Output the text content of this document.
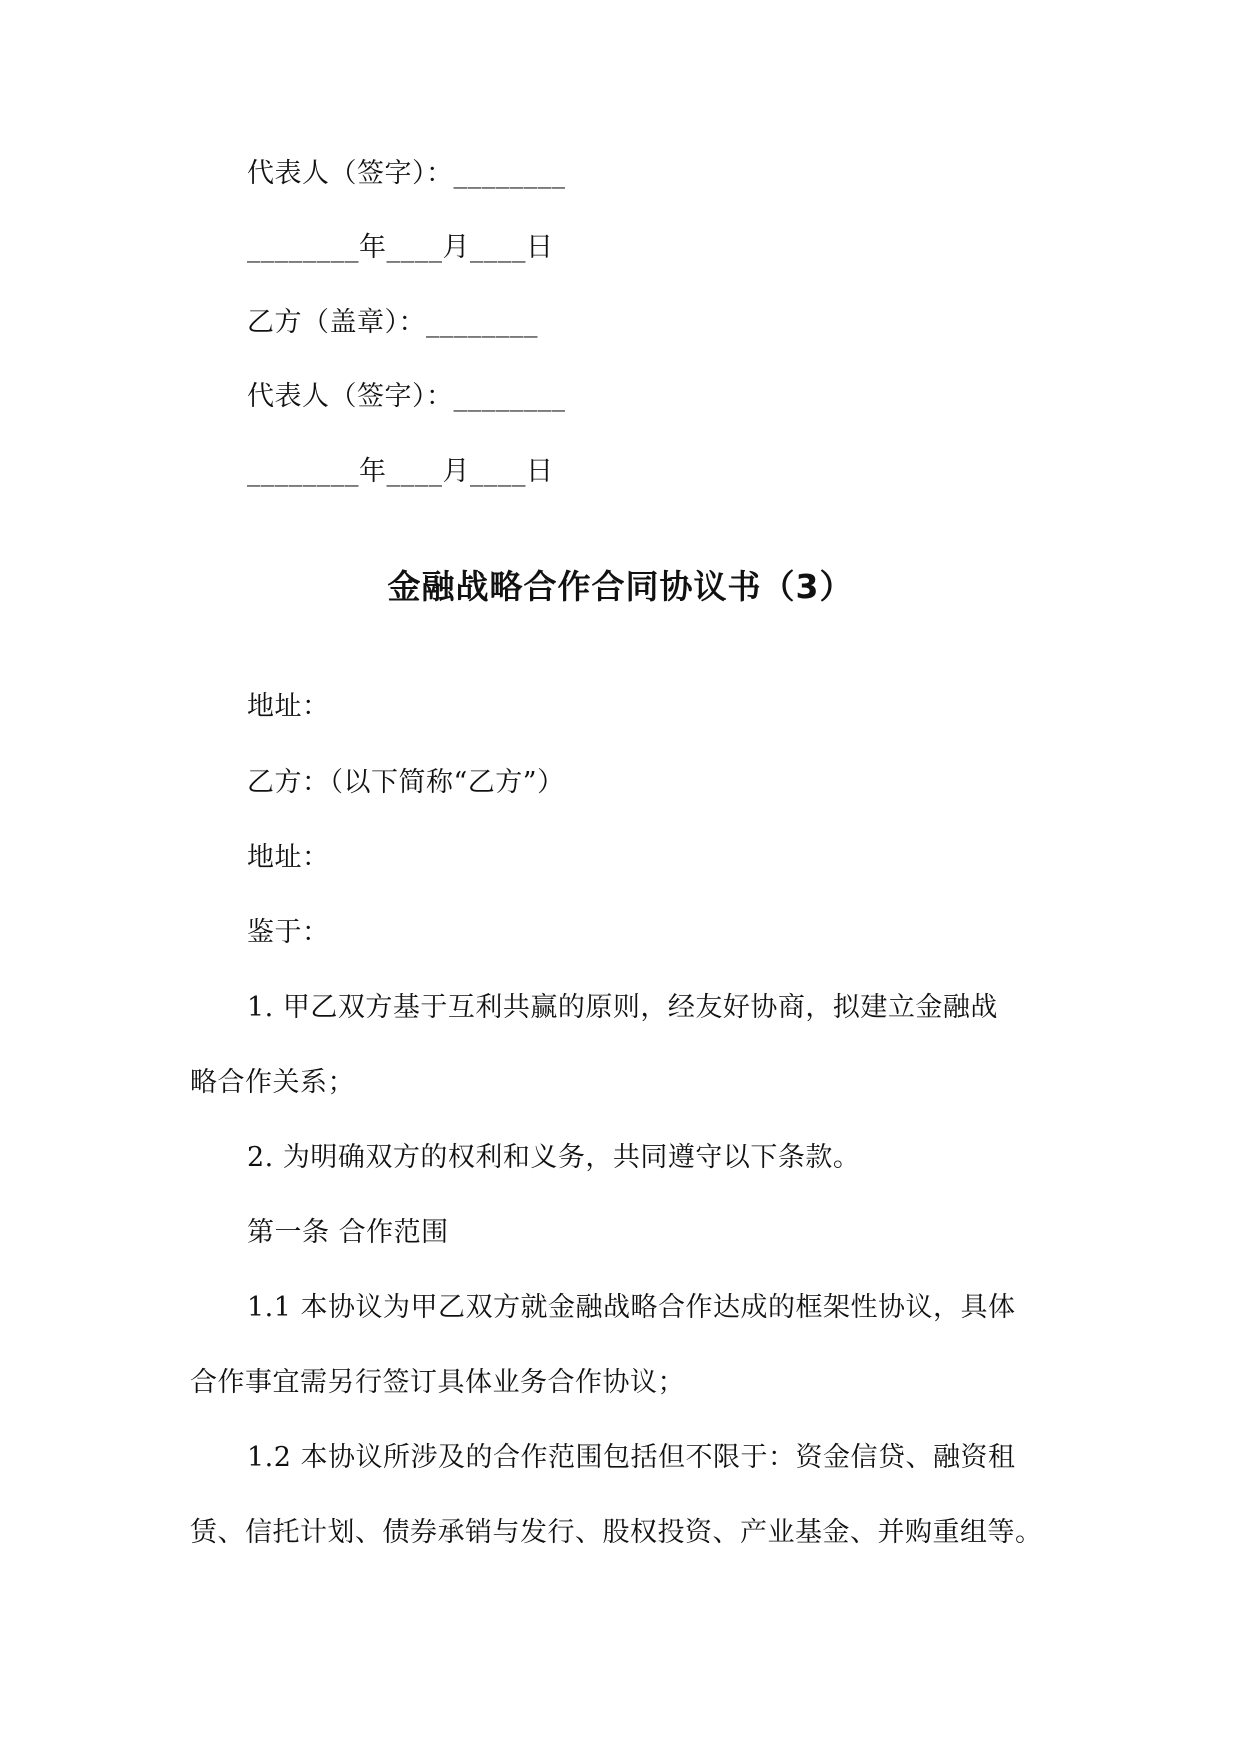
代表人（签字）：________
________年____月____日
乙方（盖章）：________
代表人（签字）：________
________年____月____日
金融战略合作合同协议书（3）
地址：
乙方：（以下简称“乙方”）
地址：
鉴于：
1. 甲乙双方基于互利共赢的原则，经友好协商，拟建立金融战
略合作关系；
2. 为明确双方的权利和义务，共同遵守以下条款。
第一条 合作范围
1.1 本协议为甲乙双方就金融战略合作达成的框架性协议，具体
合作事宜需另行签订具体业务合作协议；
1.2 本协议所涉及的合作范围包括但不限于：资金信贷、融资租
赁、信托计划、债券承销与发行、股权投资、产业基金、并购重组等。
